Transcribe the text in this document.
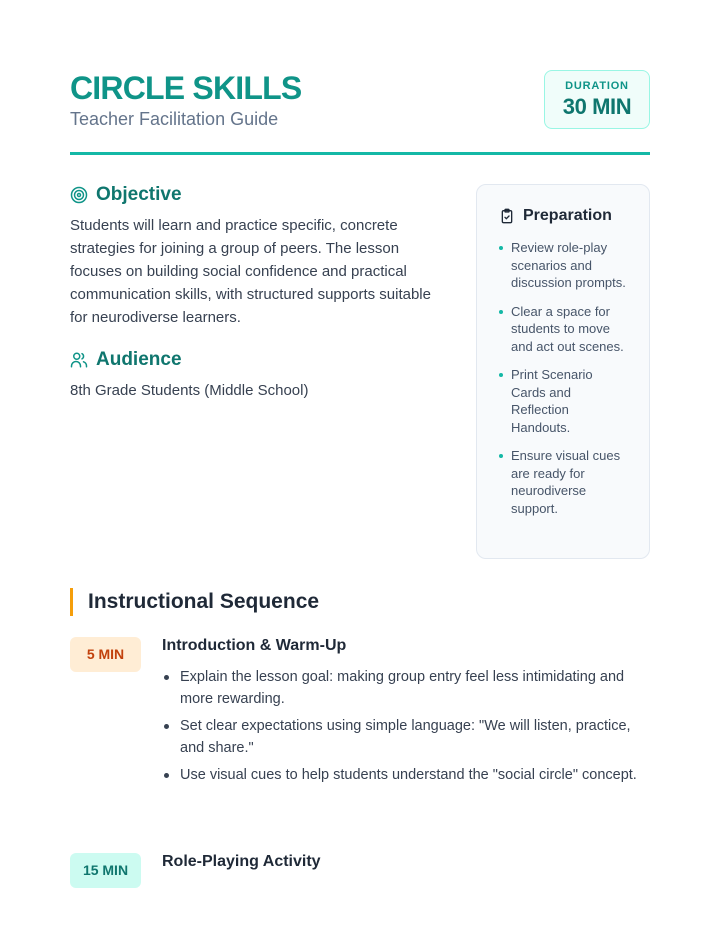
CIRCLE SKILLS
Teacher Facilitation Guide
DURATION
30 MIN
Objective

Students will learn and practice specific, concrete strategies for joining a group of peers. The lesson focuses on building social confidence and practical communication skills, with structured supports suitable for neurodiverse learners.

Audience

8th Grade Students (Middle School)

Preparation
Review role-play scenarios and discussion prompts.
Clear a space for students to move and act out scenes.
Print Scenario Cards and Reflection Handouts.
Ensure visual cues are ready for neurodiverse support.
Instructional Sequence
5 MIN	Introduction & Warm-Up
Explain the lesson goal: making group entry feel less intimidating and more rewarding.
Set clear expectations using simple language: "We will listen, practice, and share."
Use visual cues to help students understand the "social circle" concept.
15 MIN	Role-Playing Activity
